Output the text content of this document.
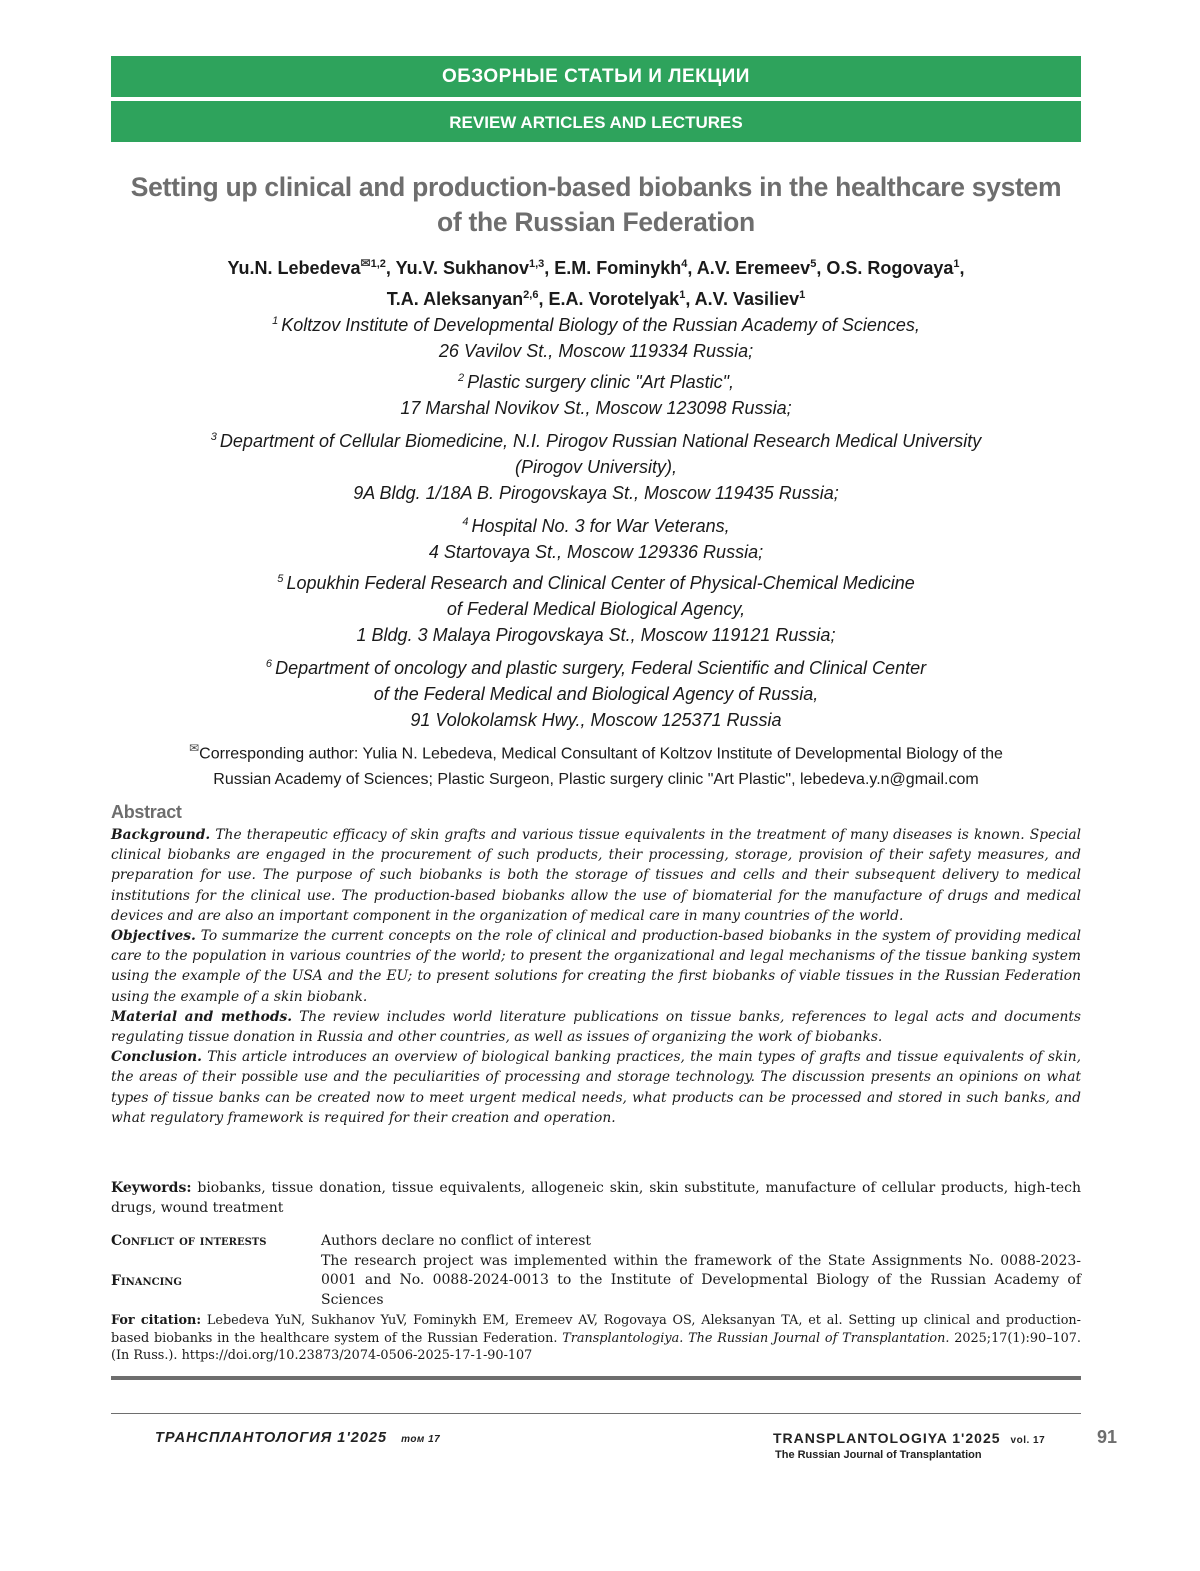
ОБЗОРНЫЕ СТАТЬИ И ЛЕКЦИИ
REVIEW ARTICLES AND LECTURES
Setting up clinical and production-based biobanks in the healthcare system
of the Russian Federation
Yu.N. Lebedeva$^{✉1,2}$, Yu.V. Sukhanov$^{1,3}$, E.M. Fominykh$^4$, A.V. Eremeev$^5$, O.S. Rogovaya$^1$,
T.A. Aleksanyan$^{2,6}$, E.A. Vorotelyak$^1$, A.V. Vasiliev$^1$
$^1$ Koltzov Institute of Developmental Biology of the Russian Academy of Sciences,
26 Vavilov St., Moscow 119334 Russia;
$^2$ Plastic surgery clinic "Art Plastic",
17 Marshal Novikov St., Moscow 123098 Russia;
$^3$ Department of Cellular Biomedicine, N.I. Pirogov Russian National Research Medical University
(Pirogov University),
9A Bldg. 1/18A B. Pirogovskaya St., Moscow 119435 Russia;
$^4$ Hospital No. 3 for War Veterans,
4 Startovaya St., Moscow 129336 Russia;
$^5$ Lopukhin Federal Research and Clinical Center of Physical-Chemical Medicine
of Federal Medical Biological Agency,
1 Bldg. 3 Malaya Pirogovskaya St., Moscow 119121 Russia;
$^6$ Department of oncology and plastic surgery, Federal Scientific and Clinical Center
of the Federal Medical and Biological Agency of Russia,
91 Volokolamsk Hwy., Moscow 125371 Russia
✉Corresponding author: Yulia N. Lebedeva, Medical Consultant of Koltzov Institute of Developmental Biology of the
Russian Academy of Sciences; Plastic Surgeon, Plastic surgery clinic "Art Plastic", lebedeva.y.n@gmail.com
Abstract

Background. The therapeutic efficacy of skin grafts and various tissue equivalents in the treatment of many diseases is known. Special clinical biobanks are engaged in the procurement of such products, their processing, storage, provision of their safety measures, and preparation for use. The purpose of such biobanks is both the storage of tissues and cells and their subsequent delivery to medical institutions for the clinical use. The production-based biobanks allow the use of biomaterial for the manufacture of drugs and medical devices and are also an important component in the organization of medical care in many countries of the world.

Objectives. To summarize the current concepts on the role of clinical and production-based biobanks in the system of providing medical care to the population in various countries of the world; to present the organizational and legal mechanisms of the tissue banking system using the example of the USA and the EU; to present solutions for creating the first biobanks of viable tissues in the Russian Federation using the example of a skin biobank.

Material and methods. The review includes world literature publications on tissue banks, references to legal acts and documents regulating tissue donation in Russia and other countries, as well as issues of organizing the work of biobanks.

Conclusion. This article introduces an overview of biological banking practices, the main types of grafts and tissue equivalents of skin, the areas of their possible use and the peculiarities of processing and storage technology. The discussion presents an opinions on what types of tissue banks can be created now to meet urgent medical needs, what products can be processed and stored in such banks, and what regulatory framework is required for their creation and operation.

Keywords: biobanks, tissue donation, tissue equivalents, allogeneic skin, skin substitute, manufacture of cellular products, high-tech drugs, wound treatment
Conflict of interests	Authors declare no conflict of interest
Financing
The research project was implemented within the framework of the State Assignments No. 0088-2023-0001 and No. 0088-2024-0013 to the Institute of Developmental Biology of the Russian Academy of Sciences
For citation: Lebedeva YuN, Sukhanov YuV, Fominykh EM, Eremeev AV, Rogovaya OS, Aleksanyan TA, et al. Setting up clinical and production-based biobanks in the healthcare system of the Russian Federation. Transplantologiya. The Russian Journal of Transplantation. 2025;17(1):90–107. (In Russ.). https://doi.org/10.23873/2074-0506-2025-17-1-90-107
ТРАНСПЛАНТОЛОГИЯ 1'2025 том 17	TRANSPLANTOLOGIYA 1'2025 vol. 17
The Russian Journal of Transplantation
91
